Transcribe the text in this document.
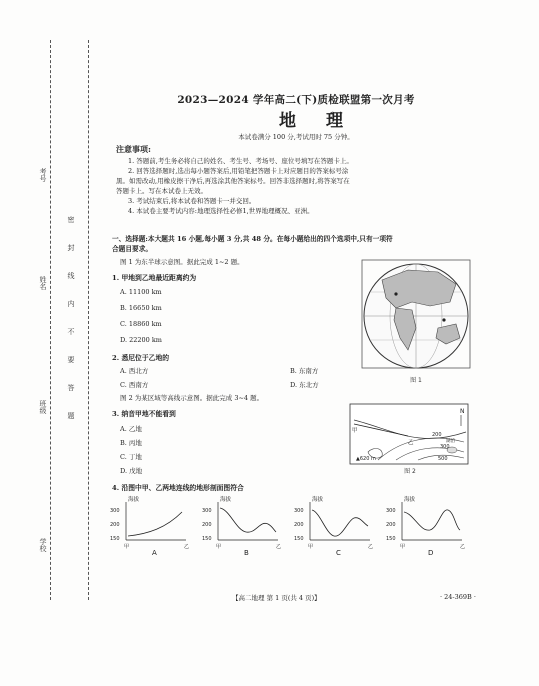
考号
姓名
班级
学校
密
封
线
内
不
要
答
题
2023—2024 学年高二(下)质检联盟第一次月考
地理
本试卷满分 100 分,考试用时 75 分钟。
注意事项:
1. 答题前,考生务必将自己的姓名、考生号、考场号、座位号填写在答题卡上。
2. 回答选择题时,选出每小题答案后,用铅笔把答题卡上对应题目的答案标号涂
黑。如需改动,用橡皮擦干净后,再选涂其他答案标号。回答非选择题时,将答案写在
答题卡上。写在本试卷上无效。
3. 考试结束后,将本试卷和答题卡一并交回。
4. 本试卷主要考试内容:地理选择性必修1,世界地理概况、亚洲。
一、选择题:本大题共 16 小题,每小题 3 分,共 48 分。在每小题给出的四个选项中,只有一项符
合题目要求。
图 1 为东半球示意图。据此完成 1~2 题。
1. 甲地到乙地最近距离约为
A. 11100 km
B. 16650 km
C. 18860 km
D. 22200 km
2. 悉尼位于乙地的
A. 西北方	B. 东南方
C. 西南方	D. 东北方
图 1
图 2 为某区域等高线示意图。据此完成 3~4 题。
3. 纳音甲地不能看到
A. 乙地
B. 丙地
C. 丁地
D. 戊地
N
甲
乙
200
300
500
▲620 m
湖泊
图 2
4. 沿图中甲、乙两地连线的地形剖面图符合
海拔
300
200
150
甲	乙
A
海拔
300
200
150
甲	乙
B
海拔
300
200
150
甲	乙
C
海拔
300
200
150
甲	乙
D
【高二地理 第 1 页(共 4 页)】	· 24-369B ·
